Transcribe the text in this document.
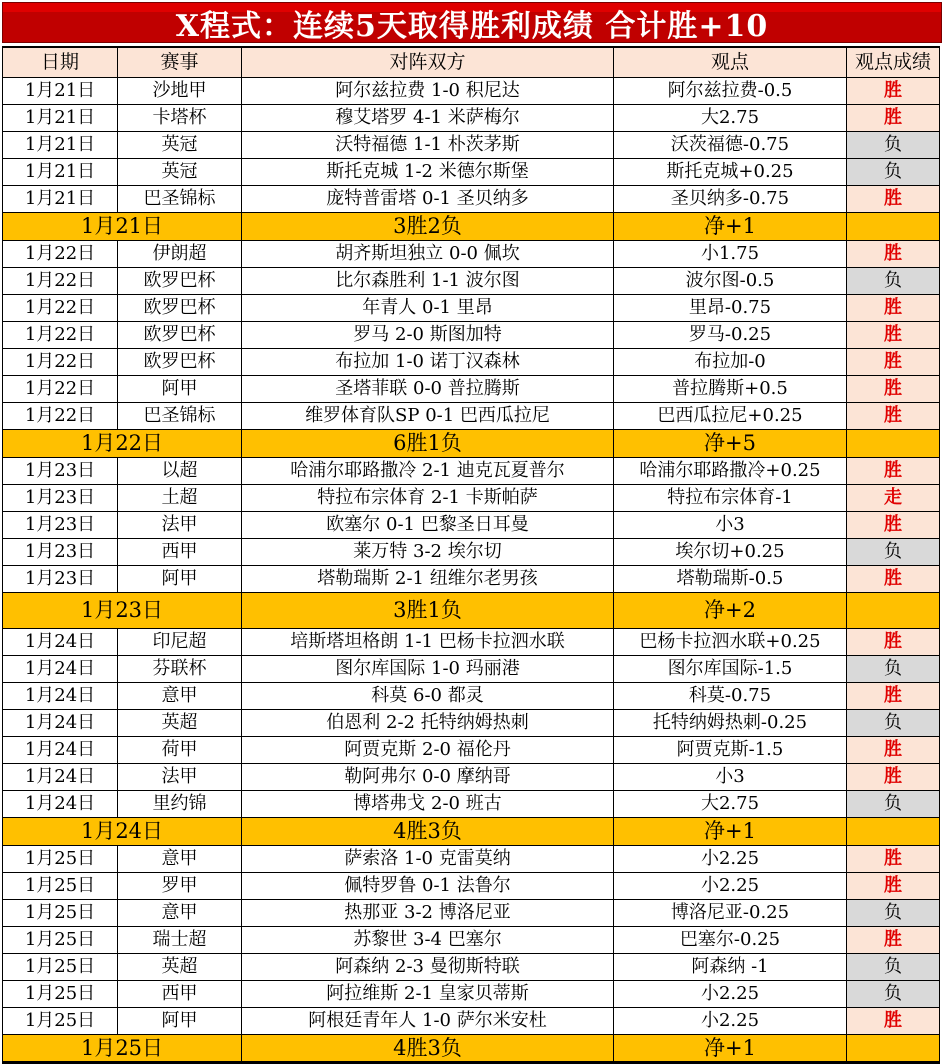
X程式：连续5天取得胜利成绩 合计胜+10
日期	赛事	对阵双方	观点	观点成绩
1月21日	沙地甲	阿尔兹拉费 1-0 积尼达	阿尔兹拉费-0.5	胜
1月21日	卡塔杯	穆艾塔罗 4-1 米萨梅尔	大2.75	胜
1月21日	英冠	沃特福德 1-1 朴茨茅斯	沃茨福德-0.75	负
1月21日	英冠	斯托克城 1-2 米德尔斯堡	斯托克城+0.25	负
1月21日	巴圣锦标	庞特普雷塔 0-1 圣贝纳多	圣贝纳多-0.75	胜
1月21日	3胜2负	净+1
1月22日	伊朗超	胡齐斯坦独立 0-0 佩坎	小1.75	胜
1月22日	欧罗巴杯	比尔森胜利 1-1 波尔图	波尔图-0.5	负
1月22日	欧罗巴杯	年青人 0-1 里昂	里昂-0.75	胜
1月22日	欧罗巴杯	罗马 2-0 斯图加特	罗马-0.25	胜
1月22日	欧罗巴杯	布拉加 1-0 诺丁汉森林	布拉加-0	胜
1月22日	阿甲	圣塔菲联 0-0 普拉腾斯	普拉腾斯+0.5	胜
1月22日	巴圣锦标	维罗体育队SP 0-1 巴西瓜拉尼	巴西瓜拉尼+0.25	胜
1月22日	6胜1负	净+5
1月23日	以超	哈浦尔耶路撒冷 2-1 迪克瓦夏普尔	哈浦尔耶路撒冷+0.25	胜
1月23日	土超	特拉布宗体育 2-1 卡斯帕萨	特拉布宗体育-1	走
1月23日	法甲	欧塞尔 0-1 巴黎圣日耳曼	小3	胜
1月23日	西甲	莱万特 3-2 埃尔切	埃尔切+0.25	负
1月23日	阿甲	塔勒瑞斯 2-1 纽维尔老男孩	塔勒瑞斯-0.5	胜
1月23日	3胜1负	净+2
1月24日	印尼超	培斯塔坦格朗 1-1 巴杨卡拉泗水联	巴杨卡拉泗水联+0.25	胜
1月24日	芬联杯	图尔库国际 1-0 玛丽港	图尔库国际-1.5	负
1月24日	意甲	科莫 6-0 都灵	科莫-0.75	胜
1月24日	英超	伯恩利 2-2 托特纳姆热刺	托特纳姆热刺-0.25	负
1月24日	荷甲	阿贾克斯 2-0 福伦丹	阿贾克斯-1.5	胜
1月24日	法甲	勒阿弗尔 0-0 摩纳哥	小3	胜
1月24日	里约锦	博塔弗戈 2-0 班古	大2.75	负
1月24日	4胜3负	净+1
1月25日	意甲	萨索洛 1-0 克雷莫纳	小2.25	胜
1月25日	罗甲	佩特罗鲁 0-1 法鲁尔	小2.25	胜
1月25日	意甲	热那亚 3-2 博洛尼亚	博洛尼亚-0.25	负
1月25日	瑞士超	苏黎世 3-4 巴塞尔	巴塞尔-0.25	胜
1月25日	英超	阿森纳 2-3 曼彻斯特联	阿森纳 -1	负
1月25日	西甲	阿拉维斯 2-1 皇家贝蒂斯	小2.25	负
1月25日	阿甲	阿根廷青年人 1-0 萨尔米安杜	小2.25	胜
1月25日	4胜3负	净+1
